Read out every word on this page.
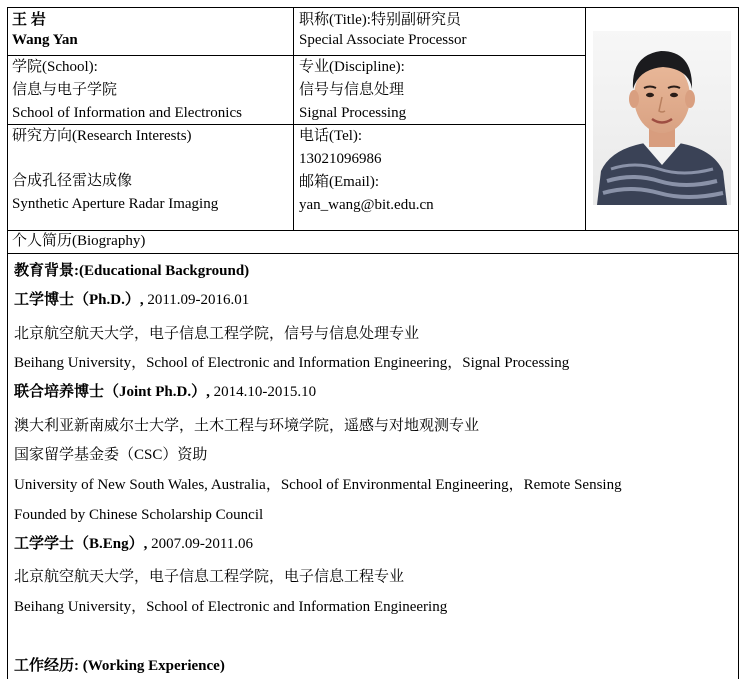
王 岩
Wang Yan
职称(Title):特别副研究员
Special Associate Processor
学院(School):
信息与电子学院
School of Information and Electronics
专业(Discipline):
信号与信息处理
Signal Processing
研究方向(Research Interests)
合成孔径雷达成像
Synthetic Aperture Radar Imaging
电话(Tel):
13021096986
邮箱(Email):
yan_wang@bit.edu.cn
个人简历(Biography)
教育背景:(Educational Background)
工学博士（Ph.D.）, 2011.09-2016.01
北京航空航天大学，电子信息工程学院，信号与信息处理专业
Beihang University，School of Electronic and Information Engineering，Signal Processing
联合培养博士（Joint Ph.D.）, 2014.10-2015.10
澳大利亚新南威尔士大学，土木工程与环境学院，遥感与对地观测专业
国家留学基金委（CSC）资助
University of New South Wales, Australia，School of Environmental Engineering，Remote Sensing
Founded by Chinese Scholarship Council
工学学士（B.Eng）, 2007.09-2011.06
北京航空航天大学，电子信息工程学院，电子信息工程专业
Beihang University，School of Electronic and Information Engineering
工作经历: (Working Experience)
